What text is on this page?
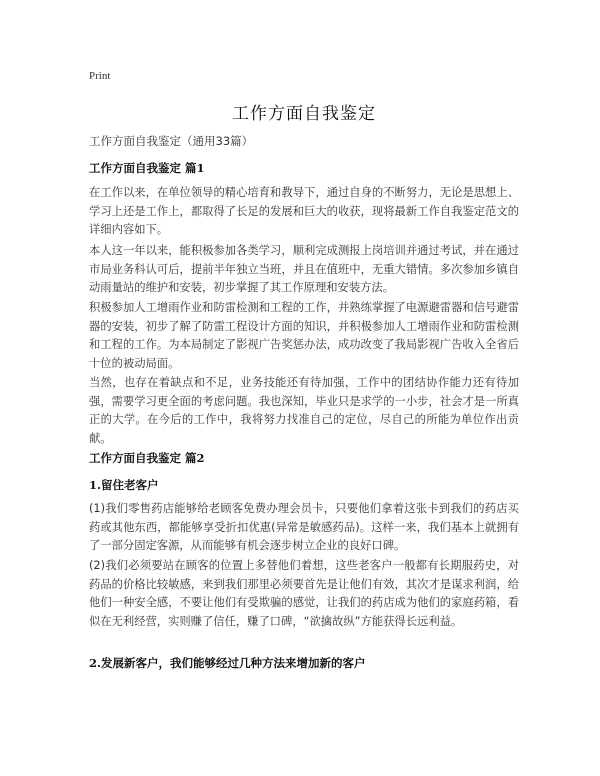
Print
工作方面自我鉴定
工作方面自我鉴定（通用33篇）
工作方面自我鉴定 篇1
在工作以来，在单位领导的精心培育和教导下，通过自身的不断努力，无论是思想上、学习上还是工作上，都取得了长足的发展和巨大的收获，现将最新工作自我鉴定范文的详细内容如下。
本人这一年以来，能积极参加各类学习，顺利完成测报上岗培训并通过考试，并在通过市局业务科认可后，提前半年独立当班，并且在值班中，无重大错情。多次参加乡镇自动雨量站的维护和安装，初步掌握了其工作原理和安装方法。
积极参加人工增雨作业和防雷检测和工程的工作，并熟练掌握了电源避雷器和信号避雷器的安装，初步了解了防雷工程设计方面的知识，并积极参加人工增雨作业和防雷检测和工程的工作。为本局制定了影视广告奖惩办法，成功改变了我局影视广告收入全省后十位的被动局面。
当然，也存在着缺点和不足，业务技能还有待加强，工作中的团结协作能力还有待加强，需要学习更全面的考虑问题。我也深知，毕业只是求学的一小步，社会才是一所真正的大学。在今后的工作中，我将努力找准自己的定位，尽自己的所能为单位作出贡献。
工作方面自我鉴定 篇2
1.留住老客户
(1)我们零售药店能够给老顾客免费办理会员卡，只要他们拿着这张卡到我们的药店买药或其他东西，都能够享受折扣优惠(异常是敏感药品)。这样一来，我们基本上就拥有了一部分固定客源，从而能够有机会逐步树立企业的良好口碑。
(2)我们必须要站在顾客的位置上多替他们着想，这些老客户一般都有长期服药史，对药品的价格比较敏感，来到我们那里必须要首先是让他们有效，其次才是谋求利润，给他们一种安全感，不要让他们有受欺骗的感觉，让我们的药店成为他们的家庭药箱，看似在无利经营，实则赚了信任，赚了口碑，“欲擒故纵”方能获得长远利益。
2.发展新客户，我们能够经过几种方法来增加新的客户
